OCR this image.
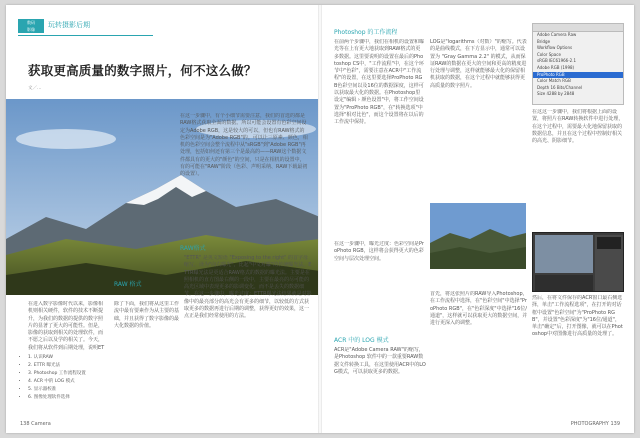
数码
影像
玩转摄影后期
获取更高质量的数字照片，何不这么做？
文／…

在这一步骤中，有个小细节需要注意，我们的首选的都是RAW格式获取全面的数据。所以可能会设置有色彩空间设定为Adobe RGB，这是较大的可以，但也有RAW格式的色彩空间是为"Adobe RGB"的。可以让三原素、颜色，相机的色彩空间会整个流程中从"sRGB"到"Adobe RGB"再处理，包括如何还有第三个是最高的——RAW这个数据文件都具有的更大的"颜色"的空间，只是在相机的设置中，有的可能在"RAW"阶段（色彩、声明采纳、RAW下载最初的设置）。

RAW格式

在进入数字影像时代以来，影像相机则相关硬件，软件的技术不断提升，为我们的数据的提供的数字照片的显著了更大的可能性。但是，影像的获取到相关的处理软件，而不愿之后以及学的相关了。今天，我们将从软件到后期处理，说明ET

• 1. 认识RAW
• 2. ETTR 曝光法
• 3. Photoshop 工作流程设置
• 4. ACR 中的 LOG 模式
• 5. 显示器校准
• 6. 图像处理软件选择

除了下面，我们将从这里工作流中最有要素作为从主要的基础，并且获得了数字影像的最大化数据的价值。

RAW 格式

"ETTR" 是英文短语 "Exposing to the right" 的首字母缩写，译为"向右曝光"，比起"中文对曝"的传统曝光法，ETTR曝光法是更适合RAW格式的数据的曝光法。主要是在照相机的直方图最右侧的一段中，主要在最亮的尽可能的高光区域中表现更多的影调变化，而不是丢失的数据细节。在这一步骤中，曝光过度：ETTR曝光法结果就是对影像中的最亮部分的高光会有更多的细节，以较低的方式获取更多的数据再进行后期的调整，获得更好的效果，这一点正是我们经常使用的方法。

138 Camera
Photoshop 的工作流程

在前两个步骤中，我们在相机的设置和曝光等在上有更大地获取到RAW格式的更多数据。这里要说明的设置在最后的Photoshop CS中，"工作流程"中，在这个环节中"色彩"，需要注意在ACR中"工作流程"的设置，在这里要选择ProPhoto RGB色彩空间以及16位的数据深度，这样可以获取最大化的数据。在Photoshop里设定"编辑 › 颜色设置"中，将工作空间设置为"ProPhoto RGB"，在"转换选项"中选择"相对比色"，而这个设置将在以后的工作流中保持。

LOG是"logarithms（对数）"的缩写。代表的是曲线模式，在下方显示中，通常可以设置为 "Gray Gamma 2.2" 的模式，从而保证RAW的数据在更大的空间和更高的精度进行处理与调整，这样就能够最大化的保留相机获取的数据，在这个过程中就能够获得更高质量的数字照片。

Adobe Camera Raw
Bridge
Workflow Options
Color Space
sRGB IEC61966-2.1
Adobe RGB (1998)
ProPhoto RGB
Color Match RGB
Depth 16 Bits/Channel
Size 4288 by 2848

在这这一步骤中，我们将根据上面的设置，将照片在RAW转换软件中进行处理，在这个过程中，需要最大化地保留获取的数据信息，并且在这个过程中控制好相关的高光、阴影细节。

在这一步骤中，曝光过度：色彩空间是ProPhoto RGB，这样将会获得更大的色彩空间与层次处理空间。

ACR 中的 LOG 模式

ACR是"Adobe Camera RAW"的缩写，是Photoshop 软件中的一款重要RAW数据文件转换工具，在这里使用ACR中的LOG模式，可以获取更多的数据。

首先，将这张照片的RAW导入Photoshop，在工作流程中选择，在"色彩空间"中选择"ProPhoto RGB"，在"色彩深度"中选择"16位/通道"，这样就可以获取更大的数据空间，并进行更深入的调整。

然后，在将文件保存的ACR窗口最右侧选择，单击"工作流程选项"，在打开的对话框中设置"色彩空间"为"ProPhoto RGB"，并设置"色彩深度"为"16位/通道"，单击"确定"后，打开图像，就可以在Photoshop中对图像进行高质量的处理了。

PHOTOGRAPHY 139
